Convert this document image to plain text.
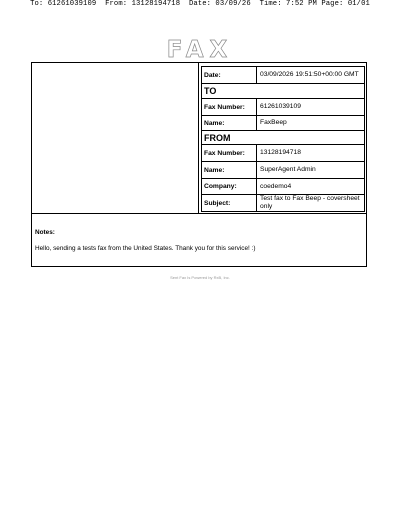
To: 61261039109  From: 13128194718  Date: 03/09/26  Time: 7:52 PM Page: 01/01
FAX
Date:	03/09/2026 19:51:50+00:00 GMT
TO
Fax Number:	61261039109
Name:	FaxBeep
FROM
Fax Number:	13128194718
Name:	SuperAgent Admin
Company:	coedemo4
Subject:
Test fax to Fax Beep - coversheet only
Notes:
Hello, sending a tests fax from the United States. Thank you for this service! :)
Sent Fax Is Powered by RxB, Inc.
